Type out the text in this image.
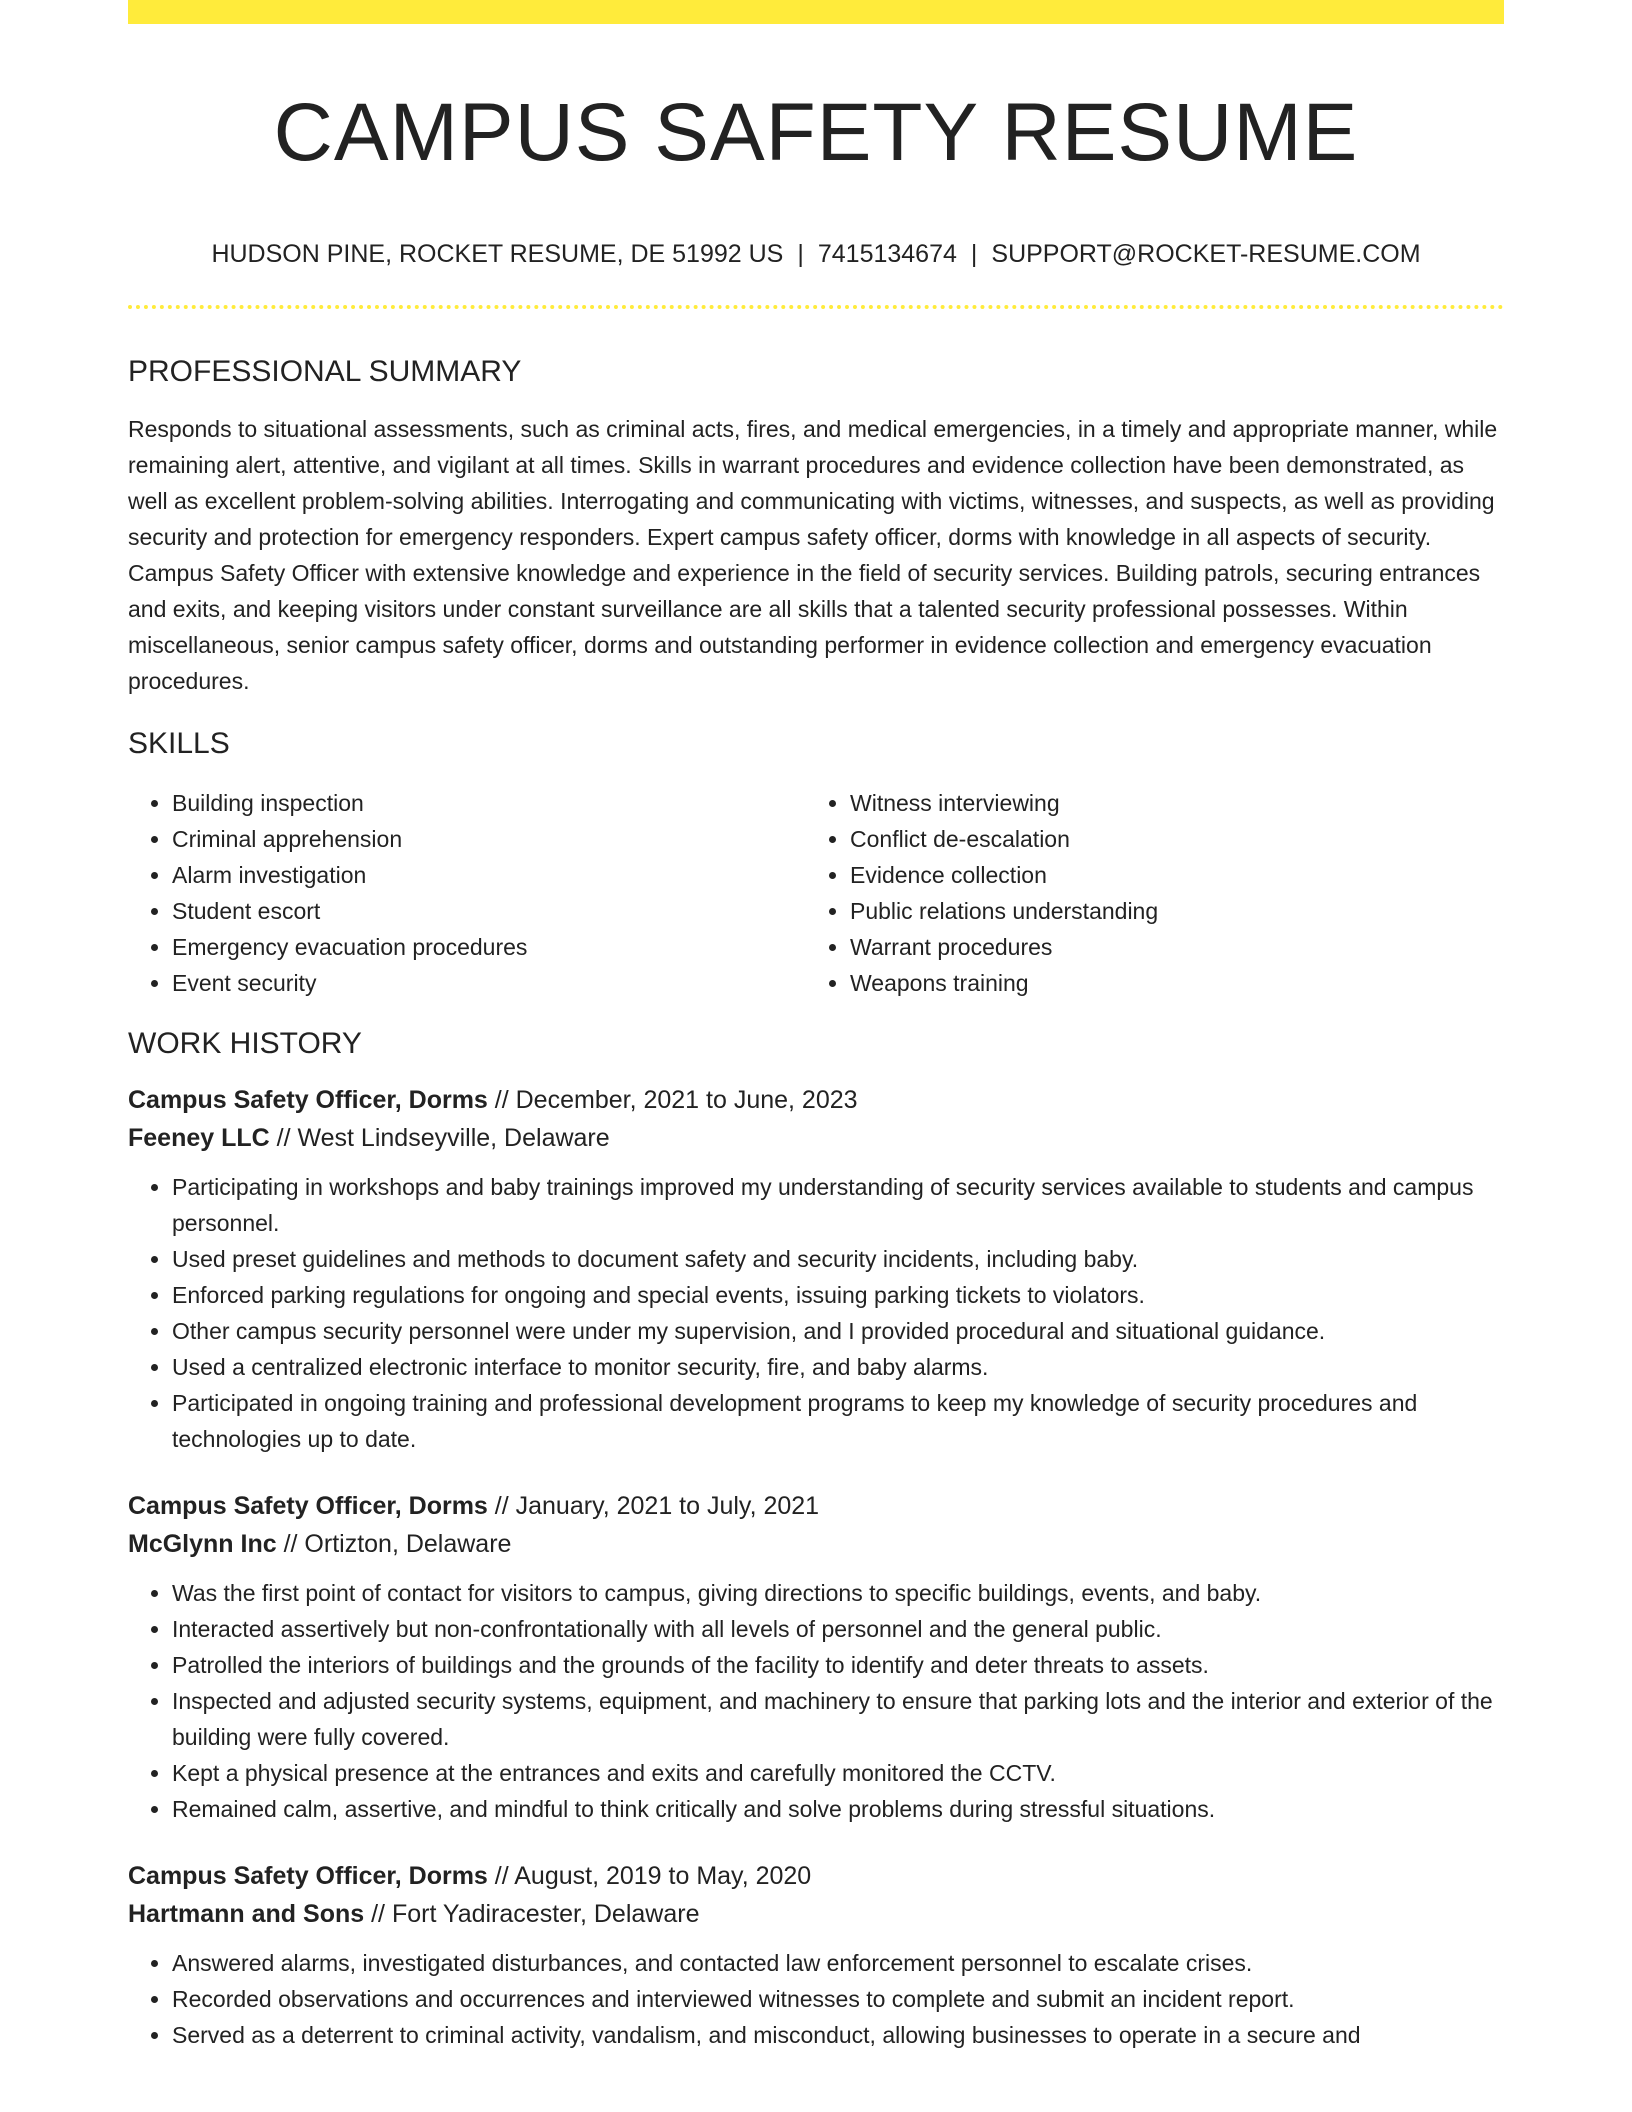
CAMPUS SAFETY RESUME
HUDSON PINE, ROCKET RESUME, DE 51992 US | 7415134674 | SUPPORT@ROCKET-RESUME.COM
PROFESSIONAL SUMMARY

Responds to situational assessments, such as criminal acts, fires, and medical emergencies, in a timely and appropriate manner, while remaining alert, attentive, and vigilant at all times. Skills in warrant procedures and evidence collection have been demonstrated, as well as excellent problem-solving abilities. Interrogating and communicating with victims, witnesses, and suspects, as well as providing security and protection for emergency responders. Expert campus safety officer, dorms with knowledge in all aspects of security. Campus Safety Officer with extensive knowledge and experience in the field of security services. Building patrols, securing entrances and exits, and keeping visitors under constant surveillance are all skills that a talented security professional possesses. Within miscellaneous, senior campus safety officer, dorms and outstanding performer in evidence collection and emergency evacuation procedures.

SKILLS
• Building inspection
• Criminal apprehension
• Alarm investigation
• Student escort
• Emergency evacuation procedures
• Event security
• Witness interviewing
• Conflict de-escalation
• Evidence collection
• Public relations understanding
• Warrant procedures
• Weapons training
WORK HISTORY
Campus Safety Officer, Dorms // December, 2021 to June, 2023
Feeney LLC // West Lindseyville, Delaware
• Participating in workshops and baby trainings improved my understanding of security services available to students and campus personnel.
• Used preset guidelines and methods to document safety and security incidents, including baby.
• Enforced parking regulations for ongoing and special events, issuing parking tickets to violators.
• Other campus security personnel were under my supervision, and I provided procedural and situational guidance.
• Used a centralized electronic interface to monitor security, fire, and baby alarms.
• Participated in ongoing training and professional development programs to keep my knowledge of security procedures and technologies up to date.
Campus Safety Officer, Dorms // January, 2021 to July, 2021
McGlynn Inc // Ortizton, Delaware
• Was the first point of contact for visitors to campus, giving directions to specific buildings, events, and baby.
• Interacted assertively but non-confrontationally with all levels of personnel and the general public.
• Patrolled the interiors of buildings and the grounds of the facility to identify and deter threats to assets.
• Inspected and adjusted security systems, equipment, and machinery to ensure that parking lots and the interior and exterior of the building were fully covered.
• Kept a physical presence at the entrances and exits and carefully monitored the CCTV.
• Remained calm, assertive, and mindful to think critically and solve problems during stressful situations.
Campus Safety Officer, Dorms // August, 2019 to May, 2020
Hartmann and Sons // Fort Yadiracester, Delaware
• Answered alarms, investigated disturbances, and contacted law enforcement personnel to escalate crises.
• Recorded observations and occurrences and interviewed witnesses to complete and submit an incident report.
• Served as a deterrent to criminal activity, vandalism, and misconduct, allowing businesses to operate in a secure and
